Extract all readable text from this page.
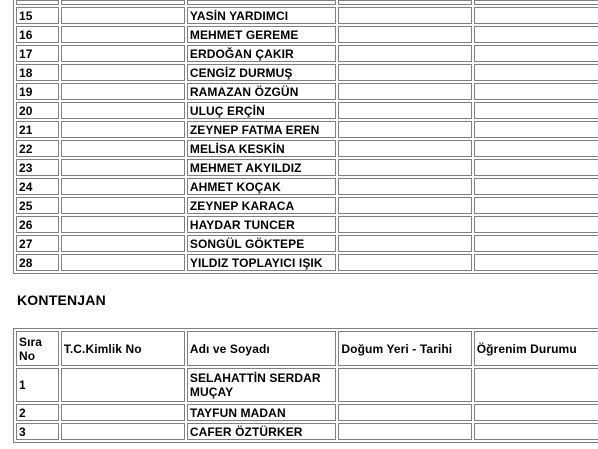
15		YASİN YARDIMCI		
16		MEHMET GEREME		
17		ERDOĞAN ÇAKIR		
18		CENGİZ DURMUŞ		
19		RAMAZAN ÖZGÜN		
20		ULUÇ ERÇİN		
21		ZEYNEP FATMA EREN		
22		MELİSA KESKİN		
23		MEHMET AKYILDIZ		
24		AHMET KOÇAK		
25		ZEYNEP KARACA		
26		HAYDAR TUNCER		
27		SONGÜL GÖKTEPE		
28		YILDIZ TOPLAYICI IŞIK		
KONTENJAN
Sıra No	T.C.Kimlik No	Adı ve Soyadı	Doğum Yeri - Tarihi	Öğrenim Durumu
1		SELAHATTİN SERDAR MUÇAY		
2		TAYFUN MADAN		
3		CAFER ÖZTÜRKER		
